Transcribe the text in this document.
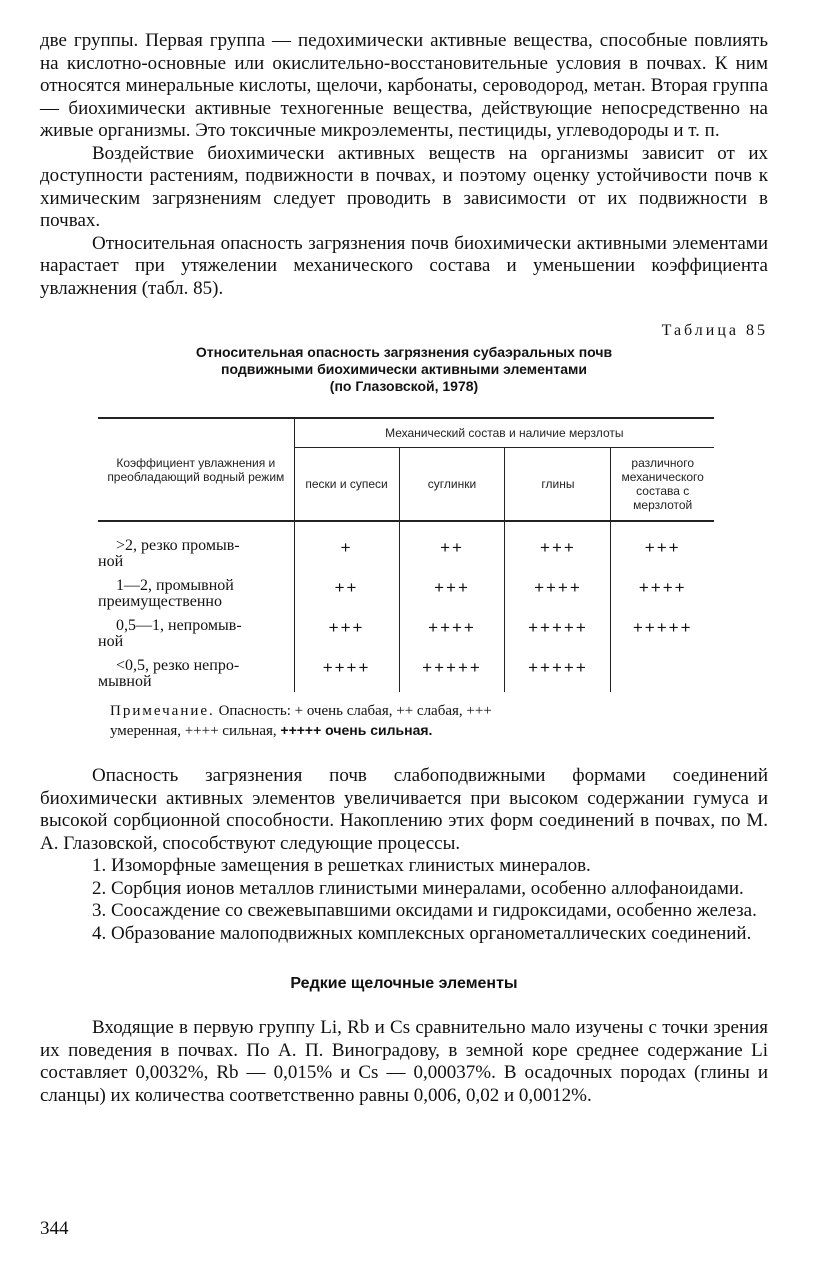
две группы. Первая группа — педохимически активные вещества, способные повлиять на кислотно-основные или окислительно-восстановительные условия в почвах. К ним относятся минеральные кислоты, щелочи, карбонаты, сероводород, метан. Вторая группа — биохимически активные техногенные вещества, действующие непосредственно на живые организмы. Это токсичные микроэлементы, пестициды, углеводороды и т. п.

Воздействие биохимически активных веществ на организмы зависит от их доступности растениям, подвижности в почвах, и поэтому оценку устойчивости почв к химическим загрязнениям следует проводить в зависимости от их подвижности в почвах.

Относительная опасность загрязнения почв биохимически активными элементами нарастает при утяжелении механического состава и уменьшении коэффициента увлажнения (табл. 85).

Таблица 85

Относительная опасность загрязнения субаэральных почв

подвижными биохимически активными элементами

(по Глазовской, 1978)

Коэффициент увлажнения и преобладающий водный режим	Механический состав и наличие мерзлоты			
	пески и супеси	суглинки	глины	различного механического состава с мерзлотой

>2, резко промыв-
ной	+	++	+++	+++

1—2, промывной
преимущественно	++	+++	++++	++++

0,5—1, непромыв-
ной	+++	++++	+++++	+++++

<0,5, резко непро-
мывной	++++	+++++	+++++	
Примечание. Опасность: + очень слабая, ++ слабая, +++
умеренная, ++++ сильная, +++++ очень сильная.

Опасность загрязнения почв слабоподвижными формами соединений биохимически активных элементов увеличивается при высоком содержании гумуса и высокой сорбционной способности. Накоплению этих форм соединений в почвах, по М. А. Глазовской, способствуют следующие процессы.

1. Изоморфные замещения в решетках глинистых минералов.

2. Сорбция ионов металлов глинистыми минералами, особенно аллофаноидами.

3. Соосаждение со свежевыпавшими оксидами и гидроксидами, особенно железа.

4. Образование малоподвижных комплексных органометаллических соединений.

Редкие щелочные элементы

Входящие в первую группу Li, Rb и Cs сравнительно мало изучены с точки зрения их поведения в почвах. По А. П. Виноградову, в земной коре среднее содержание Li составляет 0,0032%, Rb — 0,015% и Cs — 0,00037%. В осадочных породах (глины и сланцы) их количества соответственно равны 0,006, 0,02 и 0,0012%.

344
